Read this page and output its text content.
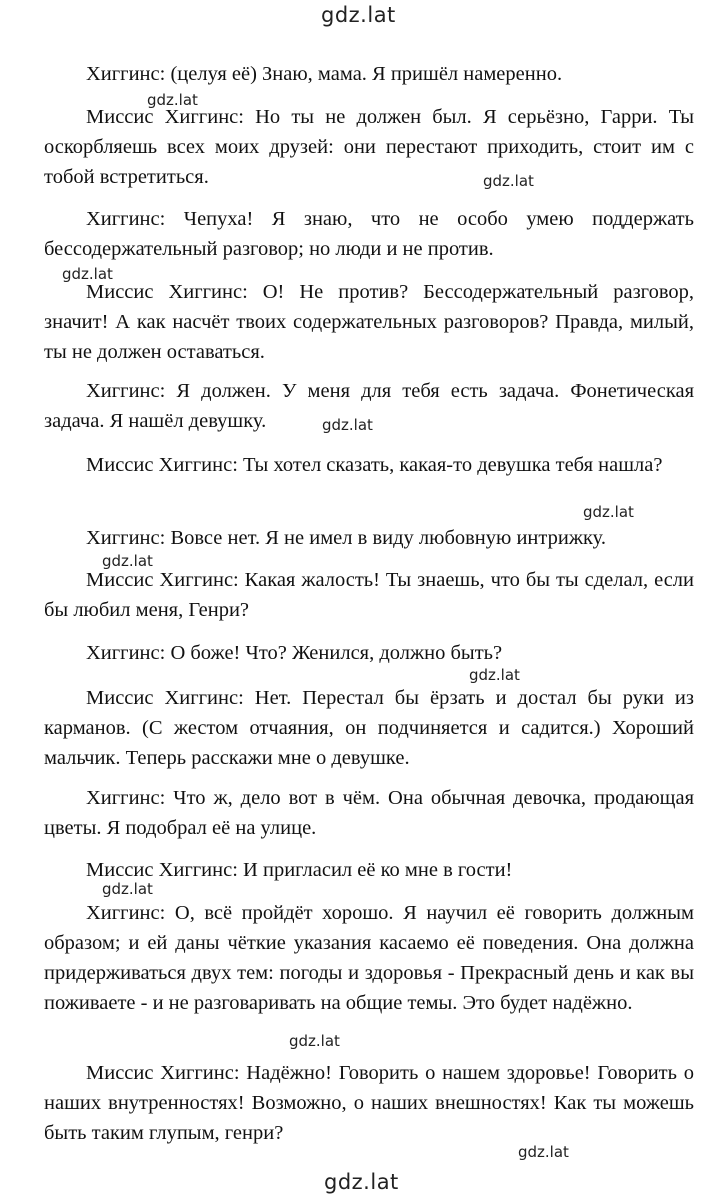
gdz.lat
gdz.lat
gdz.lat
gdz.lat
gdz.lat
gdz.lat
gdz.lat
gdz.lat
gdz.lat
gdz.lat
gdz.lat
gdz.lat

Хиггинс: (целуя её) Знаю, мама. Я пришёл намеренно.

Миссис Хиггинс: Но ты не должен был. Я серьёзно, Гарри. Ты оскорбляешь всех моих друзей: они перестают приходить, стоит им с тобой встретиться.

Хиггинс: Чепуха! Я знаю, что не особо умею поддержать бессодержательный разговор; но люди и не против.

Миссис Хиггинс: О! Не против? Бессодержательный разговор, значит! А как насчёт твоих содержательных разговоров? Правда, милый, ты не должен оставаться.

Хиггинс: Я должен. У меня для тебя есть задача. Фонетическая задача. Я нашёл девушку.

Миссис Хиггинс: Ты хотел сказать, какая-то девушка тебя нашла?

Хиггинс: Вовсе нет. Я не имел в виду любовную интрижку.

Миссис Хиггинс: Какая жалость! Ты знаешь, что бы ты сделал, если бы любил меня, Генри?

Хиггинс: О боже! Что? Женился, должно быть?

Миссис Хиггинс: Нет. Перестал бы ёрзать и достал бы руки из карманов. (С жестом отчаяния, он подчиняется и садится.) Хороший мальчик. Теперь расскажи мне о девушке.

Хиггинс: Что ж, дело вот в чём. Она обычная девочка, продающая цветы. Я подобрал её на улице.

Миссис Хиггинс: И пригласил её ко мне в гости!

Хиггинс: О, всё пройдёт хорошо. Я научил её говорить должным образом; и ей даны чёткие указания касаемо её поведения. Она должна придерживаться двух тем: погоды и здоровья - Прекрасный день и как вы поживаете - и не разговаривать на общие темы. Это будет надёжно.

Миссис Хиггинс: Надёжно! Говорить о нашем здоровье! Говорить о наших внутренностях! Возможно, о наших внешностях! Как ты можешь быть таким глупым, генри?
